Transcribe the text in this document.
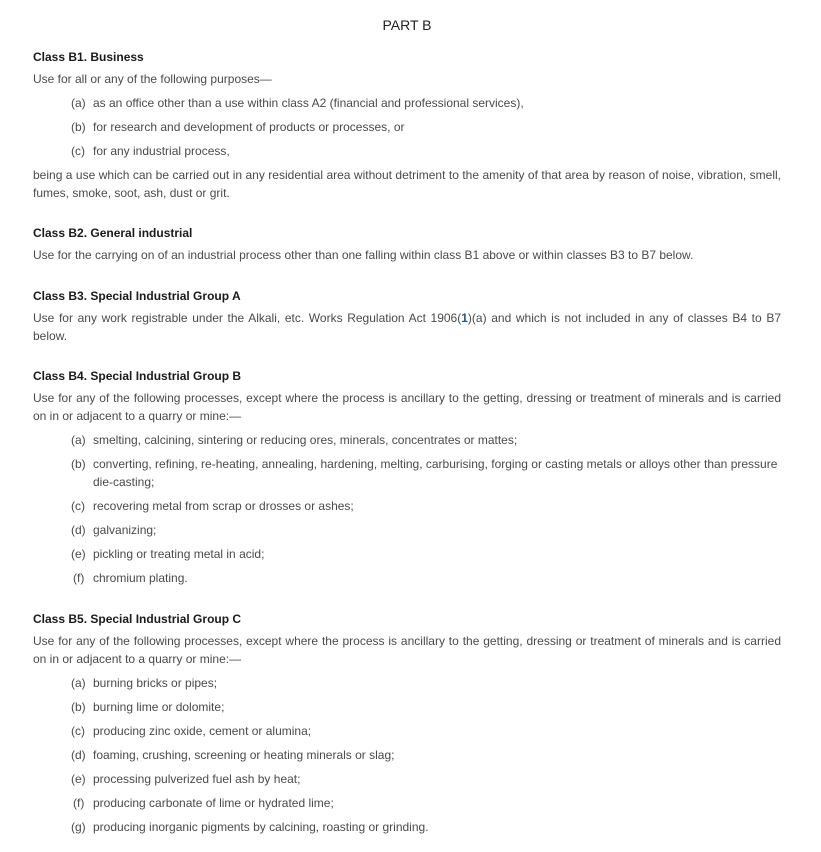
PART B
Class B1. Business

Use for all or any of the following purposes—

(a) as an office other than a use within class A2 (financial and professional services),
(b) for research and development of products or processes, or
(c) for any industrial process,

being a use which can be carried out in any residential area without detriment to the amenity of that area by reason of noise, vibration, smell, fumes, smoke, soot, ash, dust or grit.

Class B2. General industrial

Use for the carrying on of an industrial process other than one falling within class B1 above or within classes B3 to B7 below.

Class B3. Special Industrial Group A

Use for any work registrable under the Alkali, etc. Works Regulation Act 1906(1)(a) and which is not included in any of classes B4 to B7 below.

Class B4. Special Industrial Group B

Use for any of the following processes, except where the process is ancillary to the getting, dressing or treatment of minerals and is carried on in or adjacent to a quarry or mine:—

(a) smelting, calcining, sintering or reducing ores, minerals, concentrates or mattes;
(b) converting, refining, re-heating, annealing, hardening, melting, carburising, forging or casting metals or alloys other than pressure die-casting;
(c) recovering metal from scrap or drosses or ashes;
(d) galvanizing;
(e) pickling or treating metal in acid;
(f) chromium plating.
Class B5. Special Industrial Group C

Use for any of the following processes, except where the process is ancillary to the getting, dressing or treatment of minerals and is carried on in or adjacent to a quarry or mine:—

(a) burning bricks or pipes;
(b) burning lime or dolomite;
(c) producing zinc oxide, cement or alumina;
(d) foaming, crushing, screening or heating minerals or slag;
(e) processing pulverized fuel ash by heat;
(f) producing carbonate of lime or hydrated lime;
(g) producing inorganic pigments by calcining, roasting or grinding.
